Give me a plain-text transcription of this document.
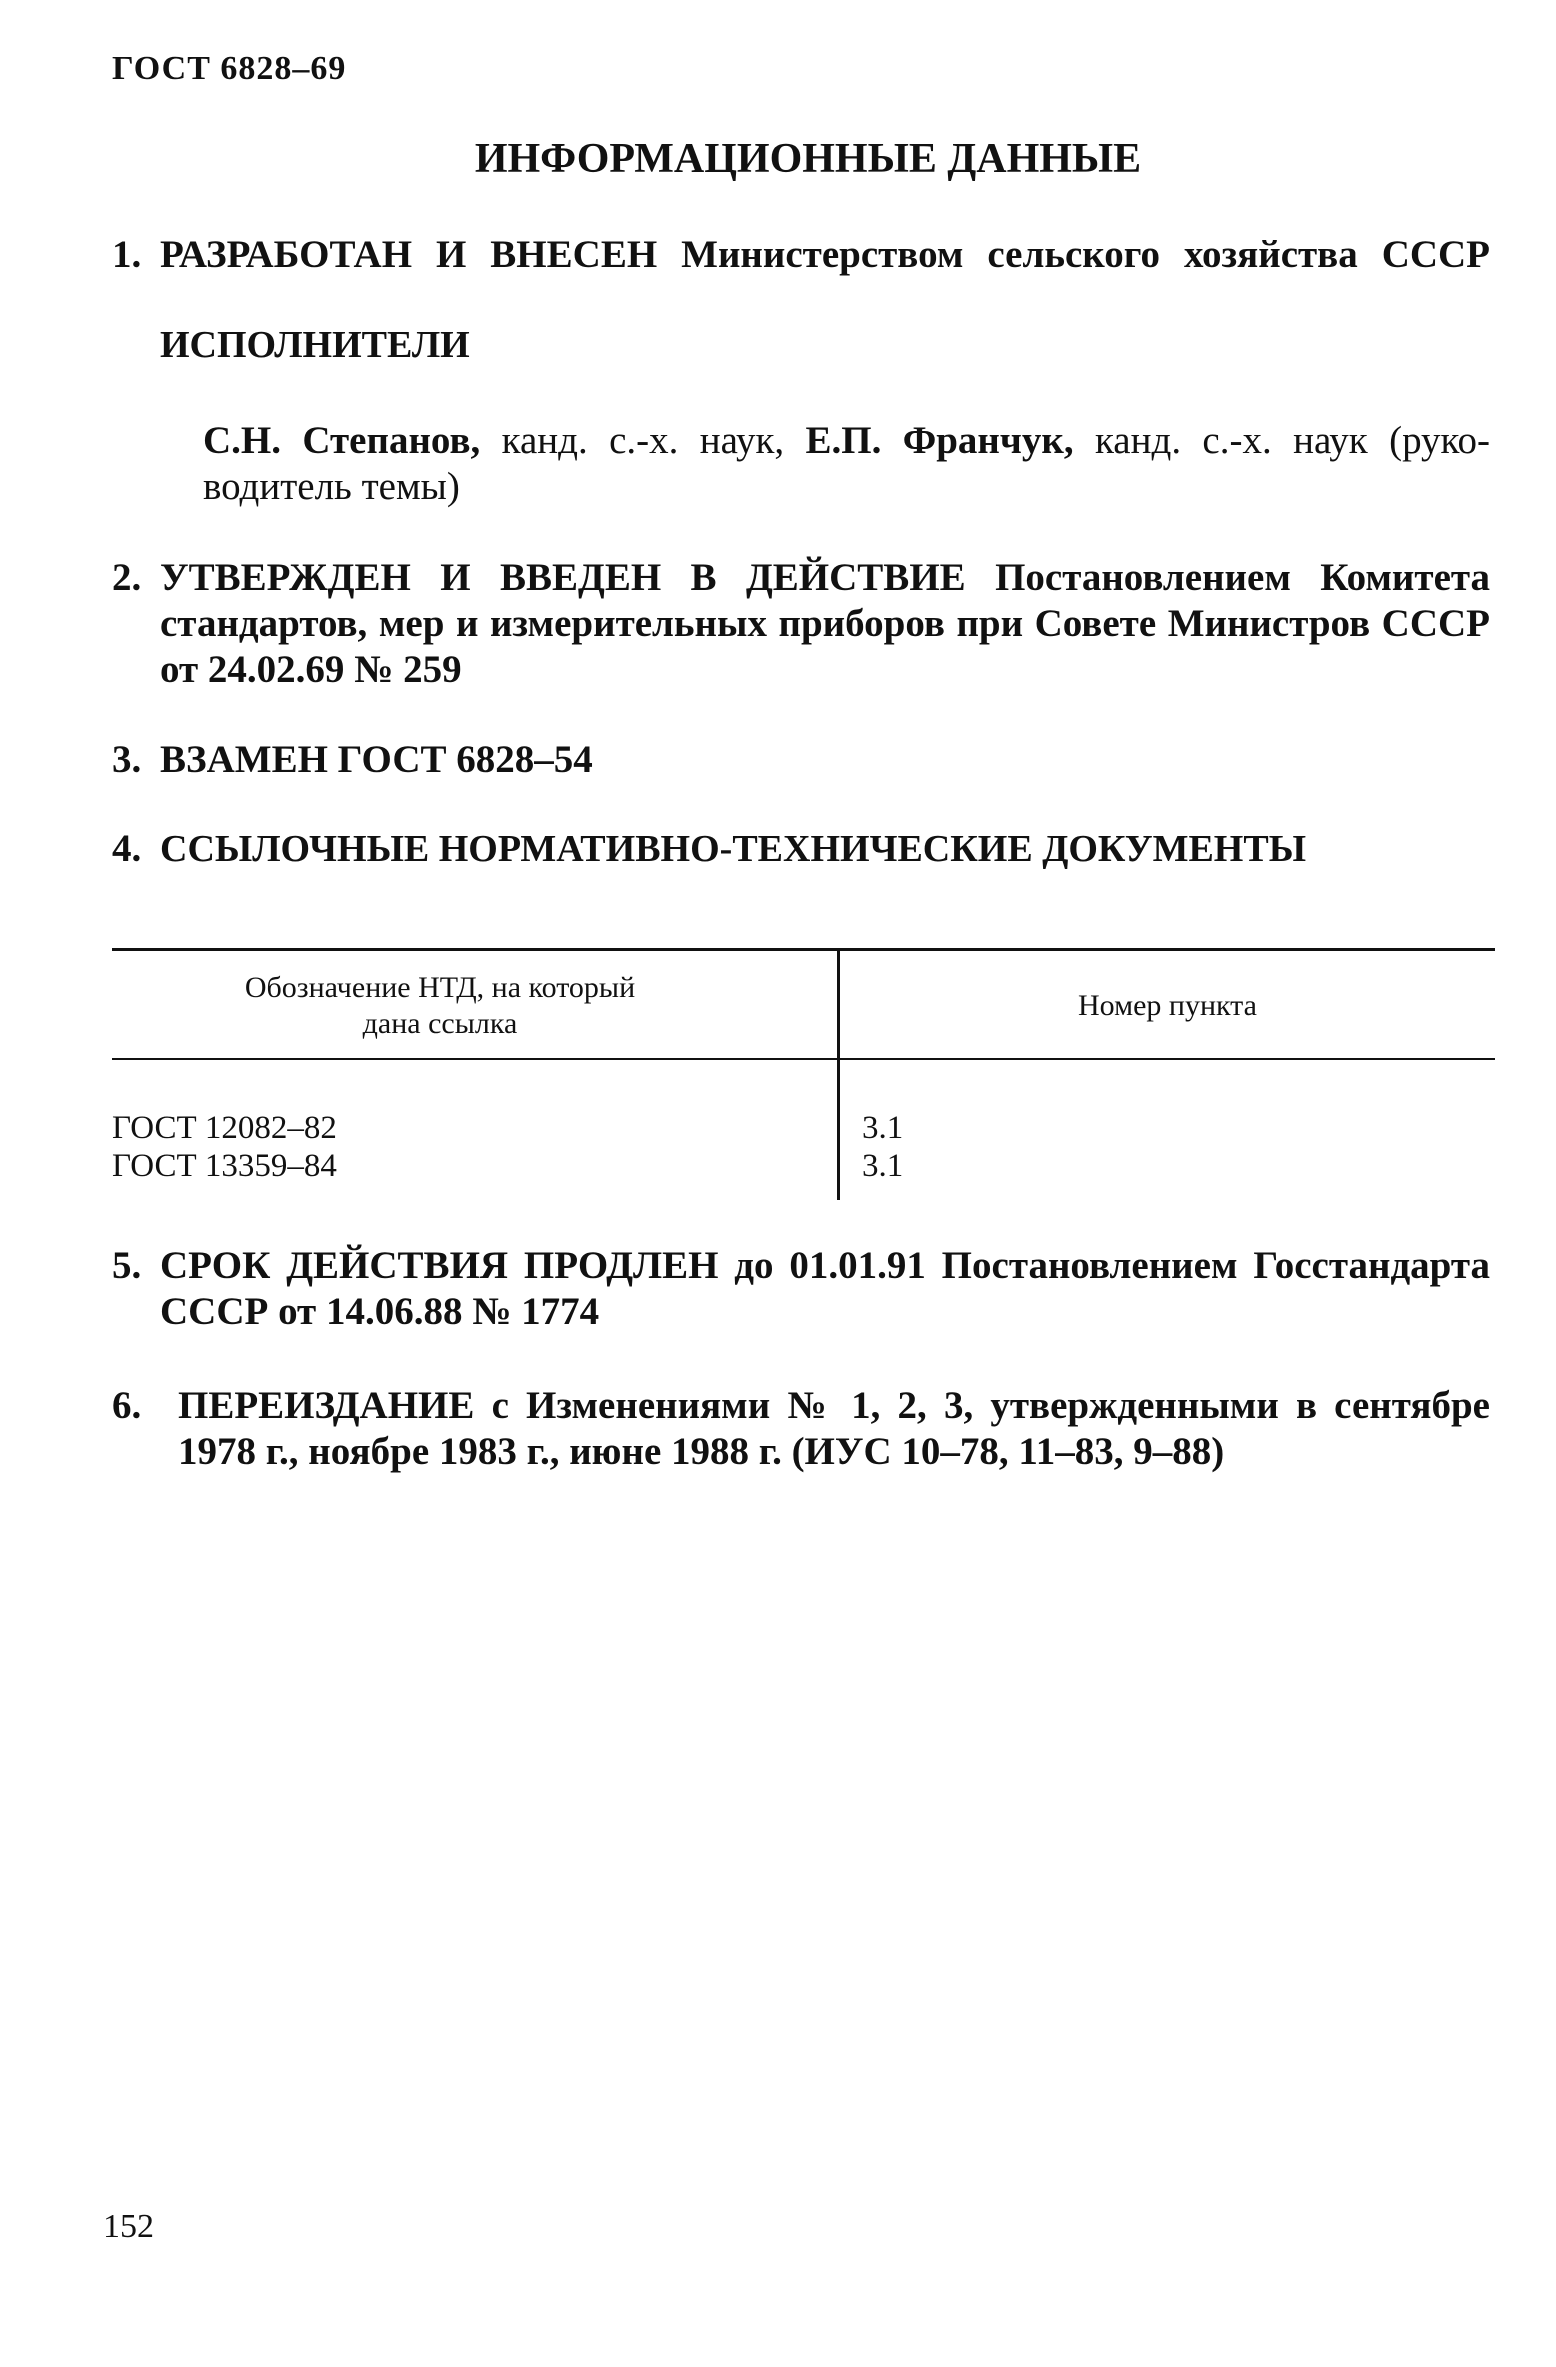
ГОСТ 6828–69
ИНФОРМАЦИОННЫЕ ДАННЫЕ
1. РАЗРАБОТАН И ВНЕСЕН Министерством сельского хозяйства СССР
ИСПОЛНИТЕЛИ
С.Н. Степанов, канд. с.-х. наук, Е.П. Франчук, канд. с.-х. наук (руко-
водитель темы)
2. УТВЕРЖДЕН И ВВЕДЕН В ДЕЙСТВИЕ Постановлением Комитета
стандартов, мер и измерительных приборов при Совете Министров СССР
от 24.02.69 № 259
3. ВЗАМЕН ГОСТ 6828–54
4. ССЫЛОЧНЫЕ НОРМАТИВНО-ТЕХНИЧЕСКИЕ ДОКУМЕНТЫ
Обозначение НТД, на который дана ссылка
Номер пункта
ГОСТ 12082–82	3.1
ГОСТ 13359–84	3.1
5. СРОК ДЕЙСТВИЯ ПРОДЛЕН до 01.01.91 Постановлением Госстандарта
СССР от 14.06.88 № 1774
6. ПЕРЕИЗДАНИЕ с Изменениями № 1, 2, 3, утвержденными в сентябре
1978 г., ноябре 1983 г., июне 1988 г. (ИУС 10–78, 11–83, 9–88)
152
